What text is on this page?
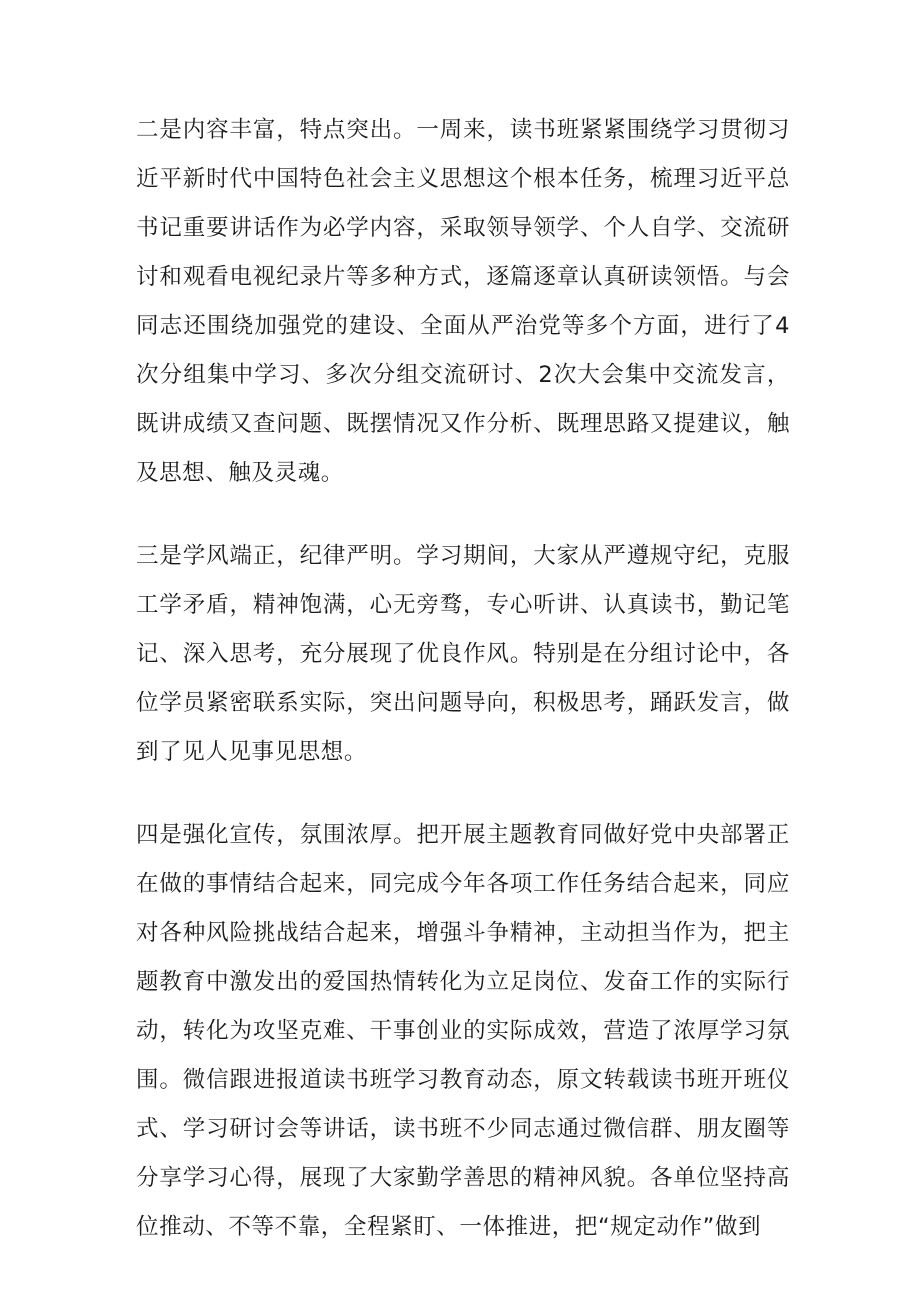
二是内容丰富，特点突出。一周来，读书班紧紧围绕学习贯彻习近平新时代中国特色社会主义思想这个根本任务，梳理习近平总书记重要讲话作为必学内容，采取领导领学、个人自学、交流研讨和观看电视纪录片等多种方式，逐篇逐章认真研读领悟。与会同志还围绕加强党的建设、全面从严治党等多个方面，进行了4次分组集中学习、多次分组交流研讨、2次大会集中交流发言，既讲成绩又查问题、既摆情况又作分析、既理思路又提建议，触及思想、触及灵魂。

三是学风端正，纪律严明。学习期间，大家从严遵规守纪，克服工学矛盾，精神饱满，心无旁骛，专心听讲、认真读书，勤记笔记、深入思考，充分展现了优良作风。特别是在分组讨论中，各位学员紧密联系实际，突出问题导向，积极思考，踊跃发言，做到了见人见事见思想。

四是强化宣传，氛围浓厚。把开展主题教育同做好党中央部署正在做的事情结合起来，同完成今年各项工作任务结合起来，同应对各种风险挑战结合起来，增强斗争精神，主动担当作为，把主题教育中激发出的爱国热情转化为立足岗位、发奋工作的实际行动，转化为攻坚克难、干事创业的实际成效，营造了浓厚学习氛围。微信跟进报道读书班学习教育动态，原文转载读书班开班仪式、学习研讨会等讲话，读书班不少同志通过微信群、朋友圈等分享学习心得，展现了大家勤学善思的精神风貌。各单位坚持高位推动、不等不靠，全程紧盯、一体推进，把“规定动作”做到
